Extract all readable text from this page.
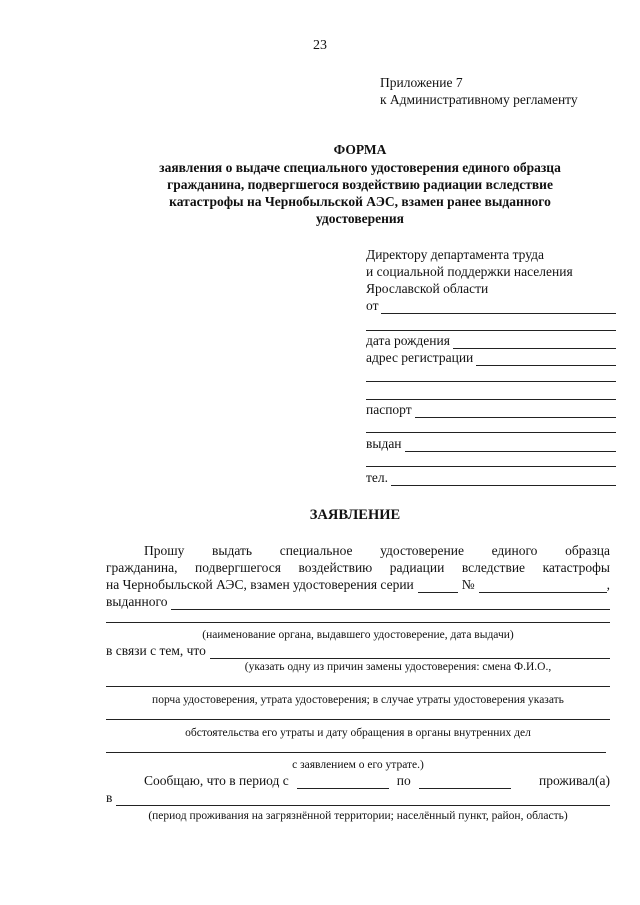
23
Приложение 7
к Административному регламенту
ФОРМА
заявления о выдаче специального удостоверения единого образца
гражданина, подвергшегося воздействию радиации вследствие
катастрофы на Чернобыльской АЭС, взамен ранее выданного
удостоверения
Директору департамента труда
и социальной поддержки населения
Ярославской области
от
дата рождения
адрес регистрации
паспорт
выдан
тел.
ЗАЯВЛЕНИЕ
Прошу выдать специальное удостоверение единого образца
гражданина, подвергшегося воздействию радиации вследствие катастрофы
на Чернобыльской АЭС, взамен удостоверения серии	№	,
выданного
(наименование органа, выдавшего удостоверение, дата выдачи)
в связи с тем, что
(указать одну из причин замены удостоверения: смена Ф.И.О.,
порча удостоверения, утрата удостоверения; в случае утраты удостоверения указать
обстоятельства его утраты и дату обращения в органы внутренних дел
с заявлением о его утрате.)
Сообщаю, что в период с	по	проживал(а)
в
(период проживания на загрязнённой территории; населённый пункт, район, область)
